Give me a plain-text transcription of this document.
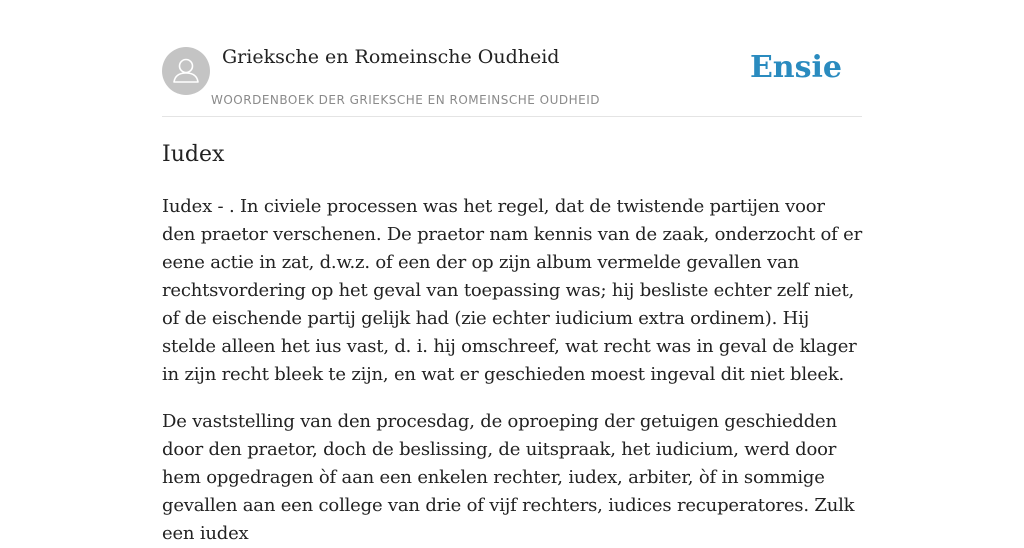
Grieksche en Romeinsche Oudheid
WOORDENBOEK DER GRIEKSCHE EN ROMEINSCHE OUDHEID
Ensie
Iudex

Iudex - . In civiele processen was het regel, dat de twistende partijen voor den praetor verschenen. De praetor nam kennis van de zaak, onderzocht of er eene actie in zat, d.w.z. of een der op zijn album vermelde gevallen van rechtsvordering op het geval van toepassing was; hij besliste echter zelf niet, of de eischende partij gelijk had (zie echter iudicium extra ordinem). Hij stelde alleen het ius vast, d. i. hij omschreef, wat recht was in geval de klager in zijn recht bleek te zijn, en wat er geschieden moest ingeval dit niet bleek.

De vaststelling van den procesdag, de oproeping der getuigen geschiedden door den praetor, doch de beslissing, de uitspraak, het iudicium, werd door hem opgedragen òf aan een enkelen rechter, iudex, arbiter, òf in sommige gevallen aan een college van drie of vijf rechters, iudices recuperatores. Zulk een iudex
